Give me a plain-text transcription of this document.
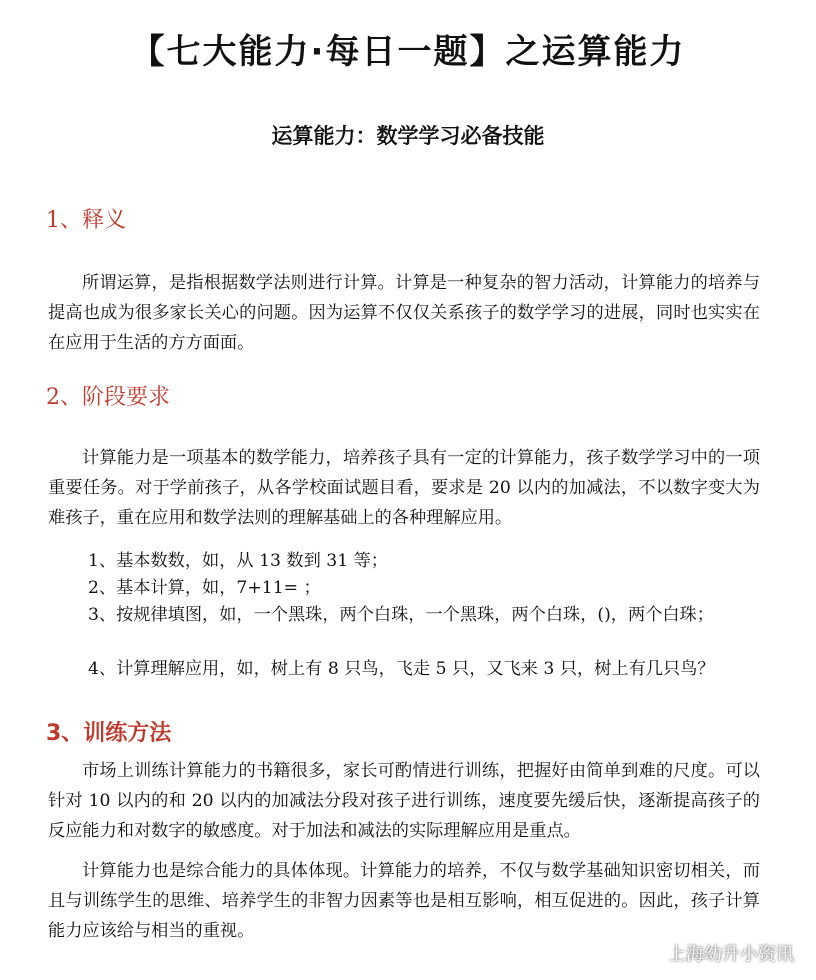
【七大能力·每日一题】之运算能力
运算能力：数学学习必备技能
1、释义

所谓运算，是指根据数学法则进行计算。计算是一种复杂的智力活动，计算能力的培养与提高也成为很多家长关心的问题。因为运算不仅仅关系孩子的数学学习的进展，同时也实实在在应用于生活的方方面面。

2、阶段要求

计算能力是一项基本的数学能力，培养孩子具有一定的计算能力，孩子数学学习中的一项重要任务。对于学前孩子，从各学校面试题目看，要求是 20 以内的加减法，不以数字变大为难孩子，重在应用和数学法则的理解基础上的各种理解应用。

1、基本数数，如，从 13 数到 31 等；

2、基本计算，如，7+11= ；

3、按规律填图，如，一个黑珠，两个白珠，一个黑珠，两个白珠，()，两个白珠；

4、计算理解应用，如，树上有 8 只鸟，飞走 5 只，又飞来 3 只，树上有几只鸟？

3、训练方法

市场上训练计算能力的书籍很多，家长可酌情进行训练，把握好由简单到难的尺度。可以针对 10 以内的和 20 以内的加减法分段对孩子进行训练，速度要先缓后快，逐渐提高孩子的反应能力和对数字的敏感度。对于加法和减法的实际理解应用是重点。

计算能力也是综合能力的具体体现。计算能力的培养，不仅与数学基础知识密切相关，而且与训练学生的思维、培养学生的非智力因素等也是相互影响，相互促进的。因此，孩子计算能力应该给与相当的重视。

上海幼升小资讯
